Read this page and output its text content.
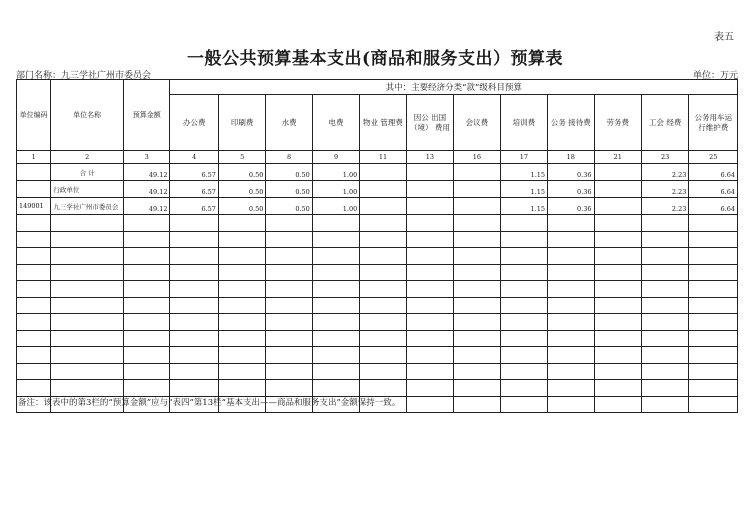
表五
一般公共预算基本支出(商品和服务支出）预算表
部门名称：九三学社广州市委员会	单位：万元
单位编码	单位名称	预算金额	其中：主要经济分类“款”级科目预算											
			办公费	印刷费	水费	电费	物业 管理费	因公 出国（境） 费用	会议费	培训费	公务 接待费	劳务费	工会 经费	公务用车运 行维护费
1	2	3	4	5	8	9	11	13	16	17	18	21	23	25
	合 计	49.12	6.57	0.50	0.50	1.00				1.15	0.36		2.23	6.64
	行政单位	49.12	6.57	0.50	0.50	1.00				1.15	0.36		2.23	6.64
149001	九三学社广州市委员会	49.12	6.57	0.50	0.50	1.00				1.15	0.36		2.23	6.64

备注：该表中的第3栏的“预算金额”应与“表四”第13栏“基本支出——商品和服务支出”金额保持一致。
